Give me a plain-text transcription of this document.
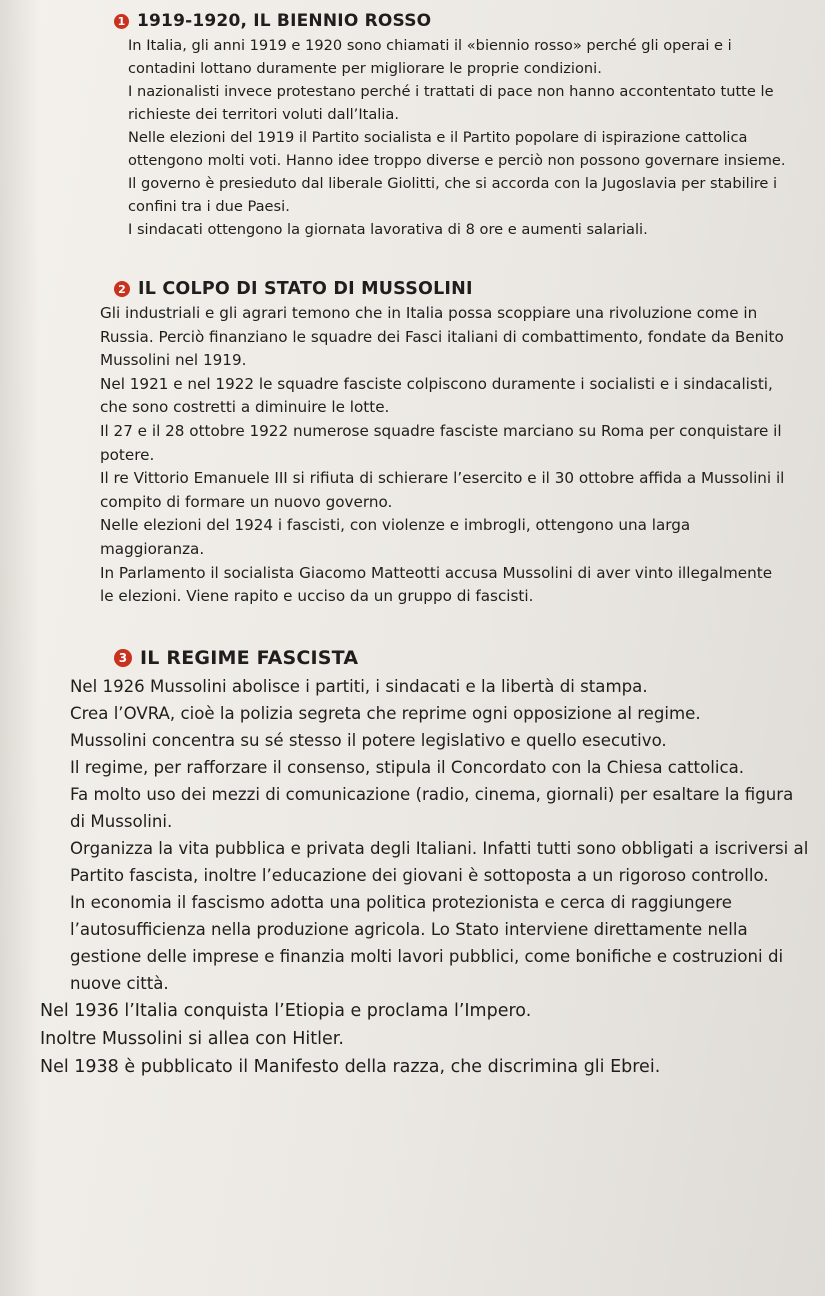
1 1919-1920, IL BIENNIO ROSSO

In Italia, gli anni 1919 e 1920 sono chiamati il «biennio rosso» perché gli operai e i contadini lottano duramente per migliorare le proprie condizioni.

I nazionalisti invece protestano perché i trattati di pace non hanno accontentato tutte le richieste dei territori voluti dall’Italia.

Nelle elezioni del 1919 il Partito socialista e il Partito popolare di ispirazione cattolica ottengono molti voti. Hanno idee troppo diverse e perciò non possono governare insieme.

Il governo è presieduto dal liberale Giolitti, che si accorda con la Jugoslavia per stabilire i confini tra i due Paesi.

I sindacati ottengono la giornata lavorativa di 8 ore e aumenti salariali.

2 IL COLPO DI STATO DI MUSSOLINI

Gli industriali e gli agrari temono che in Italia possa scoppiare una rivoluzione come in Russia. Perciò finanziano le squadre dei Fasci italiani di combattimento, fondate da Benito Mussolini nel 1919.

Nel 1921 e nel 1922 le squadre fasciste colpiscono duramente i socialisti e i sindacalisti, che sono costretti a diminuire le lotte.

Il 27 e il 28 ottobre 1922 numerose squadre fasciste marciano su Roma per conquistare il potere.

Il re Vittorio Emanuele III si rifiuta di schierare l’esercito e il 30 ottobre affida a Mussolini il compito di formare un nuovo governo.

Nelle elezioni del 1924 i fascisti, con violenze e imbrogli, ottengono una larga maggioranza.

In Parlamento il socialista Giacomo Matteotti accusa Mussolini di aver vinto illegalmente le elezioni. Viene rapito e ucciso da un gruppo di fascisti.

3 IL REGIME FASCISTA

Nel 1926 Mussolini abolisce i partiti, i sindacati e la libertà di stampa.

Crea l’OVRA, cioè la polizia segreta che reprime ogni opposizione al regime.

Mussolini concentra su sé stesso il potere legislativo e quello esecutivo.

Il regime, per rafforzare il consenso, stipula il Concordato con la Chiesa cattolica.

Fa molto uso dei mezzi di comunicazione (radio, cinema, giornali) per esaltare la figura di Mussolini.

Organizza la vita pubblica e privata degli Italiani. Infatti tutti sono obbligati a iscriversi al Partito fascista, inoltre l’educazione dei giovani è sottoposta a un rigoroso controllo.

In economia il fascismo adotta una politica protezionista e cerca di raggiungere l’autosufficienza nella produzione agricola. Lo Stato interviene direttamente nella gestione delle imprese e finanzia molti lavori pubblici, come bonifiche e costruzioni di nuove città.

Nel 1936 l’Italia conquista l’Etiopia e proclama l’Impero.

Inoltre Mussolini si allea con Hitler.

Nel 1938 è pubblicato il Manifesto della razza, che discrimina gli Ebrei.
